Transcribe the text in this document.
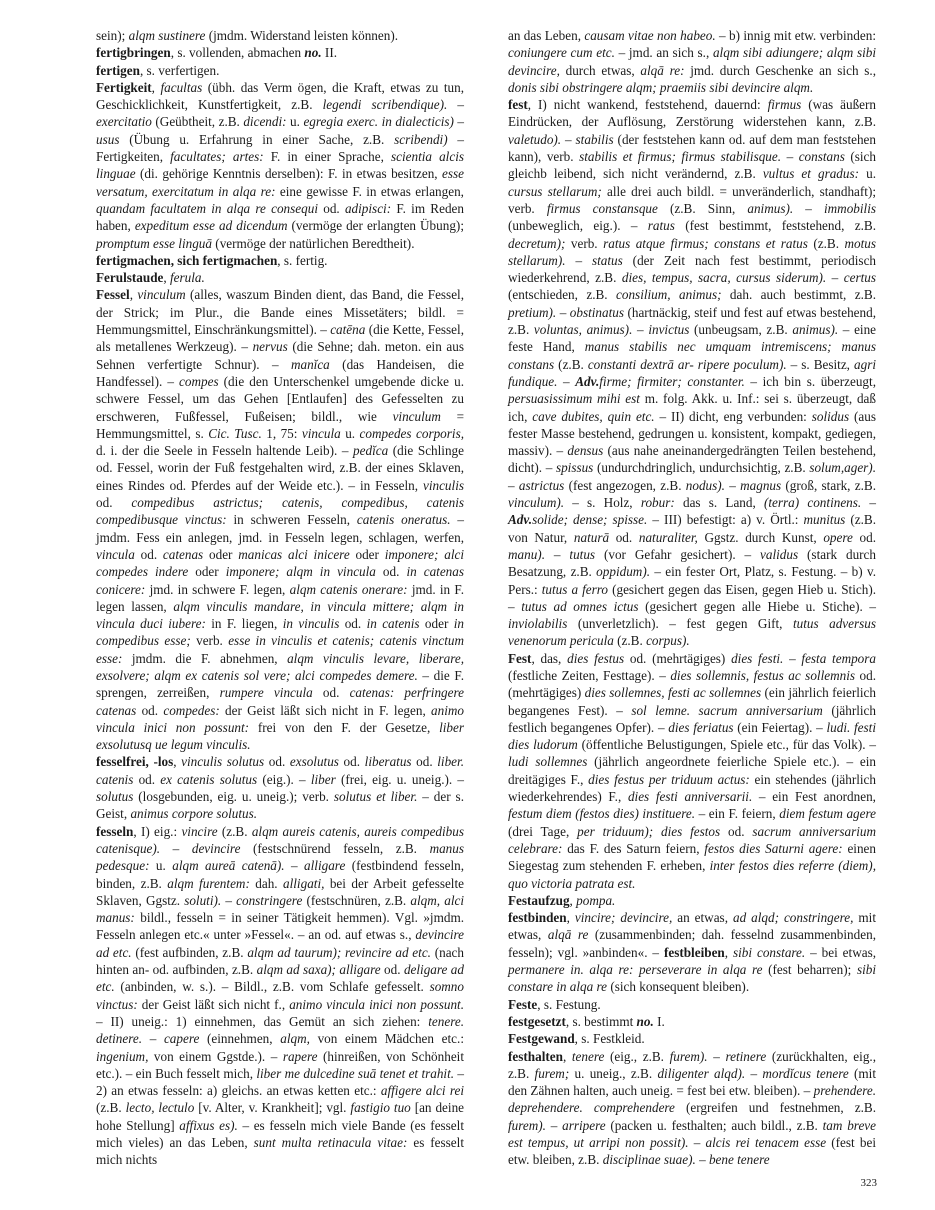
sein); alqm sustinere (jmdm. Widerstand leisten können).

fertigbringen, s. vollenden, abmachen no. II.

fertigen, s. verfertigen.

Fertigkeit, facultas (übh. das Verm ögen, die Kraft, etwas zu tun, Geschicklichkeit, Kunstfertigkeit, z.B. legendi scribendique). – exercitatio (Geübtheit, z.B. dicendi: u. egregia exerc. in dialecticis) – usus (Übung u. Erfahrung in einer Sache, z.B. scribendi) – Fertigkeiten, facultates; artes: F. in einer Sprache, scientia alcis linguae (di. gehörige Kenntnis derselben): F. in etwas besitzen, esse versatum, exercitatum in alqa re: eine gewisse F. in etwas erlangen, quandam facultatem in alqa re consequi od. adipisci: F. im Reden haben, expeditum esse ad dicendum (vermöge der erlangten Übung); promptum esse linguā (vermöge der natürlichen Beredtheit).

fertigmachen, sich fertigmachen, s. fertig.

Ferulstaude, ferula.

Fessel, vinculum (alles, waszum Binden dient, das Band, die Fessel, der Strick; im Plur., die Bande eines Missetäters; bildl. = Hemmungsmittel, Einschränkungsmittel). – catēna (die Kette, Fessel, als metallenes Werkzeug). – nervus (die Sehne; dah. meton. ein aus Sehnen verfertigte Schnur). – manĭca (das Handeisen, die Handfessel). – compes (die den Unterschenkel umgebende dicke u. schwere Fessel, um das Gehen [Entlaufen] des Gefesselten zu erschweren, Fußfessel, Fußeisen; bildl., wie vinculum = Hemmungsmittel, s. Cic. Tusc. 1, 75: vincula u. compedes corporis, d. i. der die Seele in Fesseln haltende Leib). – pedĭca (die Schlinge od. Fessel, worin der Fuß festgehalten wird, z.B. der eines Sklaven, eines Rindes od. Pferdes auf der Weide etc.). – in Fesseln, vinculis od. compedibus astrictus; catenis, compedibus, catenis compedibusque vinctus: in schweren Fesseln, catenis oneratus. – jmdm. Fess ein anlegen, jmd. in Fesseln legen, schlagen, werfen, vincula od. catenas oder manicas alci inicere oder imponere; alci compedes indere oder imponere; alqm in vincula od. in catenas conicere: jmd. in schwere F. legen, alqm catenis onerare: jmd. in F. legen lassen, alqm vinculis mandare, in vincula mittere; alqm in vincula duci iubere: in F. liegen, in vinculis od. in catenis oder in compedibus esse; verb. esse in vinculis et catenis; catenis vinctum esse: jmdm. die F. abnehmen, alqm vinculis levare, liberare, exsolvere; alqm ex catenis sol vere; alci compedes demere. – die F. sprengen, zerreißen, rumpere vincula od. catenas: perfringere catenas od. compedes: der Geist läßt sich nicht in F. legen, animo vincula inici non possunt: frei von den F. der Gesetze, liber exsolutusq ue legum vinculis.

fesselfrei, -los, vinculis solutus od. exsolutus od. liberatus od. liber. catenis od. ex catenis solutus (eig.). – liber (frei, eig. u. uneig.). – solutus (losgebunden, eig. u. uneig.); verb. solutus et liber. – der s. Geist, animus corpore solutus.

fesseln, I) eig.: vincire (z.B. alqm aureis catenis, aureis compedibus catenisque). – devincire (festschnürend fesseln, z.B. manus pedesque: u. alqm aureā catenā). – alligare (festbindend fesseln, binden, z.B. alqm furentem: dah. alligati, bei der Arbeit gefesselte Sklaven, Ggstz. soluti). – constringere (festschnüren, z.B. alqm, alci manus: bildl., fesseln = in seiner Tätigkeit hemmen). Vgl. »jmdm. Fesseln anlegen etc.« unter »Fessel«. – an od. auf etwas s., devincire ad etc. (fest aufbinden, z.B. alqm ad taurum); revincire ad etc. (nach hinten an- od. aufbinden, z.B. alqm ad saxa); alligare od. deligare ad etc. (anbinden, w. s.). – Bildl., z.B. vom Schlafe gefesselt. somno vinctus: der Geist läßt sich nicht f., animo vincula inici non possunt. – II) uneig.: 1) einnehmen, das Gemüt an sich ziehen: tenere. detinere. – capere (einnehmen, alqm, von einem Mädchen etc.: ingenium, von einem Ggstde.). – rapere (hinreißen, von Schönheit etc.). – ein Buch fesselt mich, liber me dulcedine suā tenet et trahit. – 2) an etwas fesseln: a) gleichs. an etwas ketten etc.: affigere alci rei (z.B. lecto, lectulo [v. Alter, v. Krankheit]; vgl. fastigio tuo [an deine hohe Stellung] affixus es). – es fesseln mich viele Bande (es fesselt mich vieles) an das Leben, sunt multa retinacula vitae: es fesselt mich nichts

an das Leben, causam vitae non habeo. – b) innig mit etw. verbinden: coniungere cum etc. – jmd. an sich s., alqm sibi adiungere; alqm sibi devincire, durch etwas, alqā re: jmd. durch Geschenke an sich s., donis sibi obstringere alqm; praemiis sibi devincire alqm.

fest, I) nicht wankend, feststehend, dauernd: firmus (was äußern Eindrücken, der Auflösung, Zerstörung widerstehen kann, z.B. valetudo). – stabilis (der feststehen kann od. auf dem man feststehen kann), verb. stabilis et firmus; firmus stabilisque. – constans (sich gleichb leibend, sich nicht verändernd, z.B. vultus et gradus: u. cursus stellarum; alle drei auch bildl. = unveränderlich, standhaft); verb. firmus constansque (z.B. Sinn, animus). – immobilis (unbeweglich, eig.). – ratus (fest bestimmt, feststehend, z.B. decretum); verb. ratus atque firmus; constans et ratus (z.B. motus stellarum). – status (der Zeit nach fest bestimmt, periodisch wiederkehrend, z.B. dies, tempus, sacra, cursus siderum). – certus (entschieden, z.B. consilium, animus; dah. auch bestimmt, z.B. pretium). – obstinatus (hartnäckig, steif und fest auf etwas bestehend, z.B. voluntas, animus). – invictus (unbeugsam, z.B. animus). – eine feste Hand, manus stabilis nec umquam intremiscens; manus constans (z.B. constanti dextrā ar- ripere poculum). – s. Besitz, agri fundique. – Adv.firme; firmiter; constanter. – ich bin s. überzeugt, persuasissimum mihi est m. folg. Akk. u. Inf.: sei s. überzeugt, daß ich, cave dubites, quin etc. – II) dicht, eng verbunden: solidus (aus fester Masse bestehend, gedrungen u. konsistent, kompakt, gediegen, massiv). – densus (aus nahe aneinandergedrängten Teilen bestehend, dicht). – spissus (undurchdringlich, undurchsichtig, z.B. solum,ager). – astrictus (fest angezogen, z.B. nodus). – magnus (groß, stark, z.B. vinculum). – s. Holz, robur: das s. Land, (terra) continens. – Adv.solide; dense; spisse. – III) befestigt: a) v. Örtl.: munitus (z.B. von Natur, naturā od. naturaliter, Ggstz. durch Kunst, opere od. manu). – tutus (vor Gefahr gesichert). – validus (stark durch Besatzung, z.B. oppidum). – ein fester Ort, Platz, s. Festung. – b) v. Pers.: tutus a ferro (gesichert gegen das Eisen, gegen Hieb u. Stich). – tutus ad omnes ictus (gesichert gegen alle Hiebe u. Stiche). – inviolabilis (unverletzlich). – fest gegen Gift, tutus adversus venenorum pericula (z.B. corpus).

Fest, das, dies festus od. (mehrtägiges) dies festi. – festa tempora (festliche Zeiten, Festtage). – dies sollemnis, festus ac sollemnis od. (mehrtägiges) dies sollemnes, festi ac sollemnes (ein jährlich feierlich begangenes Fest). – sol lemne. sacrum anniversarium (jährlich festlich begangenes Opfer). – dies feriatus (ein Feiertag). – ludi. festi dies ludorum (öffentliche Belustigungen, Spiele etc., für das Volk). – ludi sollemnes (jährlich angeordnete feierliche Spiele etc.). – ein dreitägiges F., dies festus per triduum actus: ein stehendes (jährlich wiederkehrendes) F., dies festi anniversarii. – ein Fest anordnen, festum diem (festos dies) instituere. – ein F. feiern, diem festum agere (drei Tage, per triduum); dies festos od. sacrum anniversarium celebrare: das F. des Saturn feiern, festos dies Saturni agere: einen Siegestag zum stehenden F. erheben, inter festos dies referre (diem), quo victoria patrata est.

Festaufzug, pompa.

festbinden, vincire; devincire, an etwas, ad alqd; constringere, mit etwas, alqā re (zusammenbinden; dah. fesselnd zusammenbinden, fesseln); vgl. »anbinden«. – festbleiben, sibi constare. – bei etwas, permanere in. alqa re: perseverare in alqa re (fest beharren); sibi constare in alqa re (sich konsequent bleiben).

Feste, s. Festung.

festgesetzt, s. bestimmt no. I.

Festgewand, s. Festkleid.

festhalten, tenere (eig., z.B. furem). – retinere (zurückhalten, eig., z.B. furem; u. uneig., z.B. diligenter alqd). – mordĭcus tenere (mit den Zähnen halten, auch uneig. = fest bei etw. bleiben). – prehendere. deprehendere. comprehendere (ergreifen und festnehmen, z.B. furem). – arripere (packen u. festhalten; auch bildl., z.B. tam breve est tempus, ut arripi non possit). – alcis rei tenacem esse (fest bei etw. bleiben, z.B. disciplinae suae). – bene tenere

323
